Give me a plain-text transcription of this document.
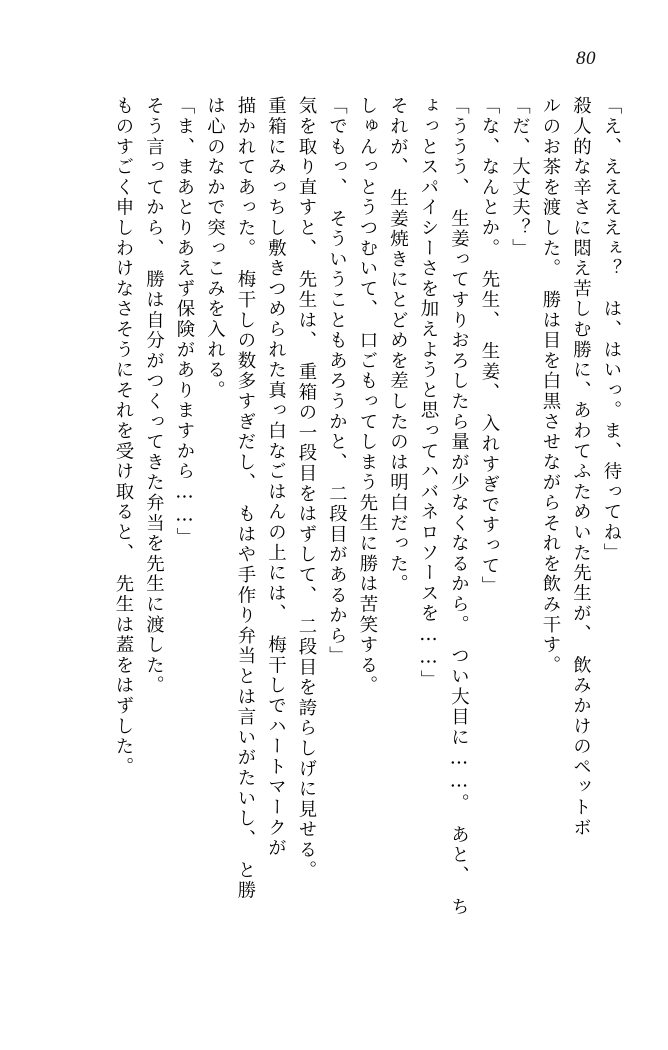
80
「え、ええええぇ？　は、はいっ。ま、待ってね」
殺人的な辛さに悶え苦しむ勝に、あわてふためいた先生が、　飲みかけのペットボ
ルのお茶を渡した。　勝は目を白黒させながらそれを飲み干す。
「だ、大丈夫？」
「な、なんとか。　先生、　生姜、　入れすぎですって」
「ううう、　生姜ってすりおろしたら量が少なくなるから。　つい大目に……。　あと、　ち
ょっとスパイシーさを加えようと思ってハバネロソースを……」
それが、　生姜焼きにとどめを差したのは明白だった。
しゅんっとうつむいて、　口ごもってしまう先生に勝は苦笑する。
「でもっ、　そういうこともあろうかと、　二段目があるから」
気を取り直すと、　先生は、　重箱の一段目をはずして、　二段目を誇らしげに見せる。
重箱にみっちし敷きつめられた真っ白なごはんの上には、　梅干しでハートマークが
描かれてあった。　梅干しの数多すぎだし、　もはや手作り弁当とは言いがたいし、　と勝
は心のなかで突っこみを入れる。
「ま、まあとりあえず保険がありますから……」
そう言ってから、　勝は自分がつくってきた弁当を先生に渡した。
ものすごく申しわけなさそうにそれを受け取ると、　先生は蓋をはずした。
